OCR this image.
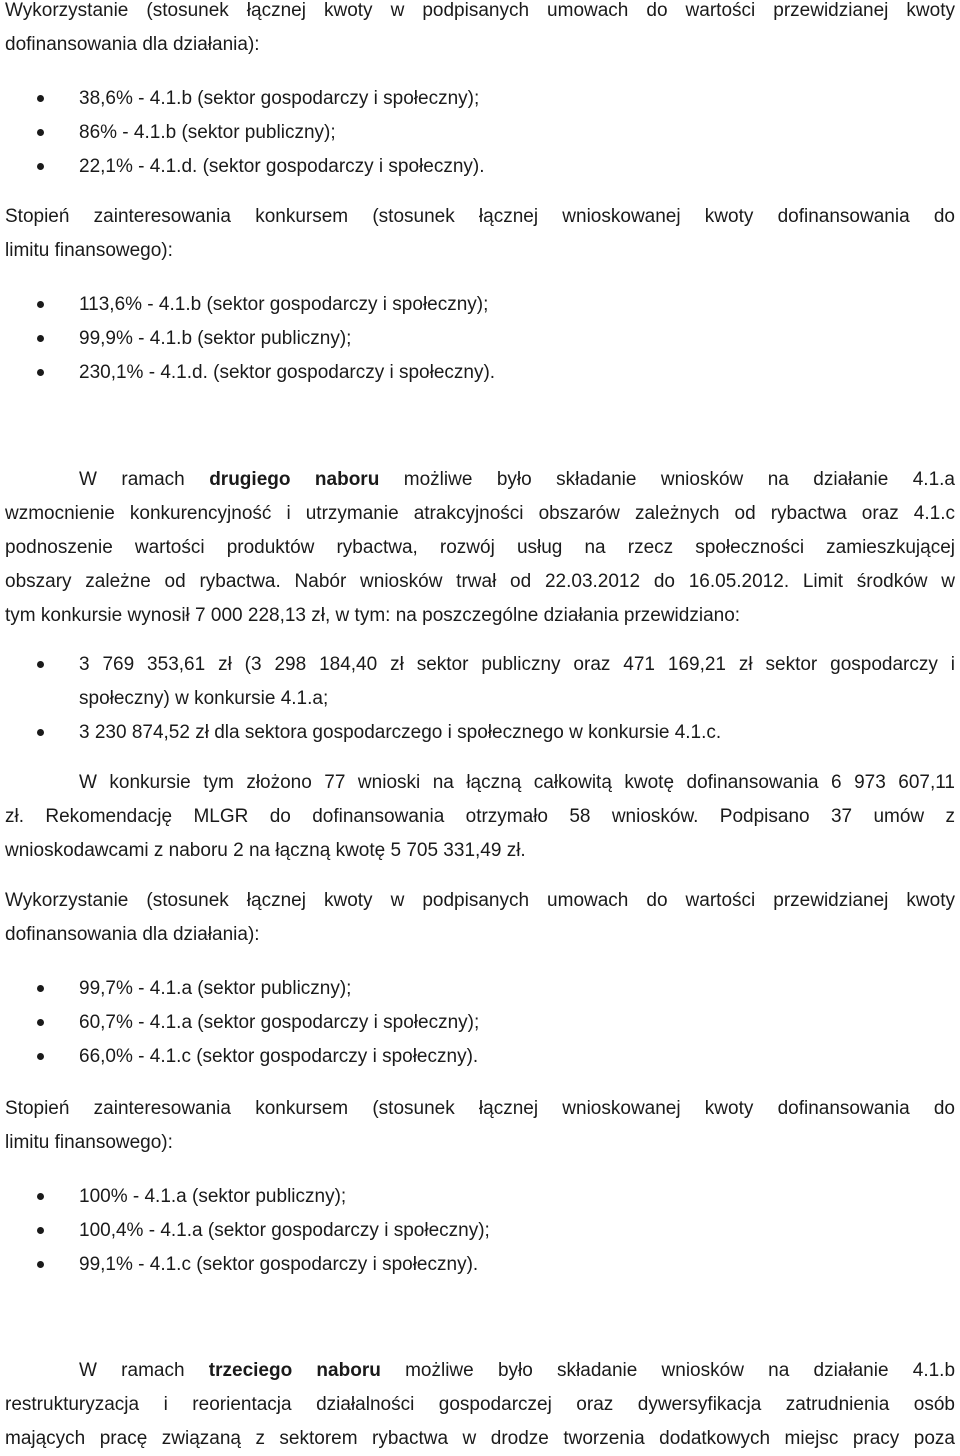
Wykorzystanie (stosunek łącznej kwoty w podpisanych umowach do wartości przewidzianej kwoty
dofinansowania dla działania):
38,6% - 4.1.b (sektor gospodarczy i społeczny);
86% - 4.1.b (sektor publiczny);
22,1% - 4.1.d. (sektor gospodarczy i społeczny).
Stopień zainteresowania konkursem (stosunek łącznej wnioskowanej kwoty dofinansowania do
limitu finansowego):
113,6% - 4.1.b (sektor gospodarczy i społeczny);
99,9% - 4.1.b (sektor publiczny);
230,1% - 4.1.d. (sektor gospodarczy i społeczny).
W ramach drugiego naboru możliwe było składanie wniosków na działanie 4.1.a
wzmocnienie konkurencyjność i utrzymanie atrakcyjności obszarów zależnych od rybactwa oraz 4.1.c
podnoszenie wartości produktów rybactwa, rozwój usług na rzecz społeczności zamieszkującej
obszary zależne od rybactwa. Nabór wniosków trwał od 22.03.2012 do 16.05.2012. Limit środków w
tym konkursie wynosił 7 000 228,13 zł, w tym: na poszczególne działania przewidziano:
3 769 353,61 zł (3 298 184,40 zł sektor publiczny oraz 471 169,21 zł sektor gospodarczy i
społeczny) w konkursie 4.1.a;
3 230 874,52 zł dla sektora gospodarczego i społecznego w konkursie 4.1.c.
W konkursie tym złożono 77 wnioski na łączną całkowitą kwotę dofinansowania 6 973 607,11
zł. Rekomendację MLGR do dofinansowania otrzymało 58 wniosków. Podpisano 37 umów z
wnioskodawcami z naboru 2 na łączną kwotę 5 705 331,49 zł.
Wykorzystanie (stosunek łącznej kwoty w podpisanych umowach do wartości przewidzianej kwoty
dofinansowania dla działania):
99,7% - 4.1.a (sektor publiczny);
60,7% - 4.1.a (sektor gospodarczy i społeczny);
66,0% - 4.1.c (sektor gospodarczy i społeczny).
Stopień zainteresowania konkursem (stosunek łącznej wnioskowanej kwoty dofinansowania do
limitu finansowego):
100% - 4.1.a (sektor publiczny);
100,4% - 4.1.a (sektor gospodarczy i społeczny);
99,1% - 4.1.c (sektor gospodarczy i społeczny).
W ramach trzeciego naboru możliwe było składanie wniosków na działanie 4.1.b
restrukturyzacja i reorientacja działalności gospodarczej oraz dywersyfikacja zatrudnienia osób
mających pracę związaną z sektorem rybactwa w drodze tworzenia dodatkowych miejsc pracy poza
